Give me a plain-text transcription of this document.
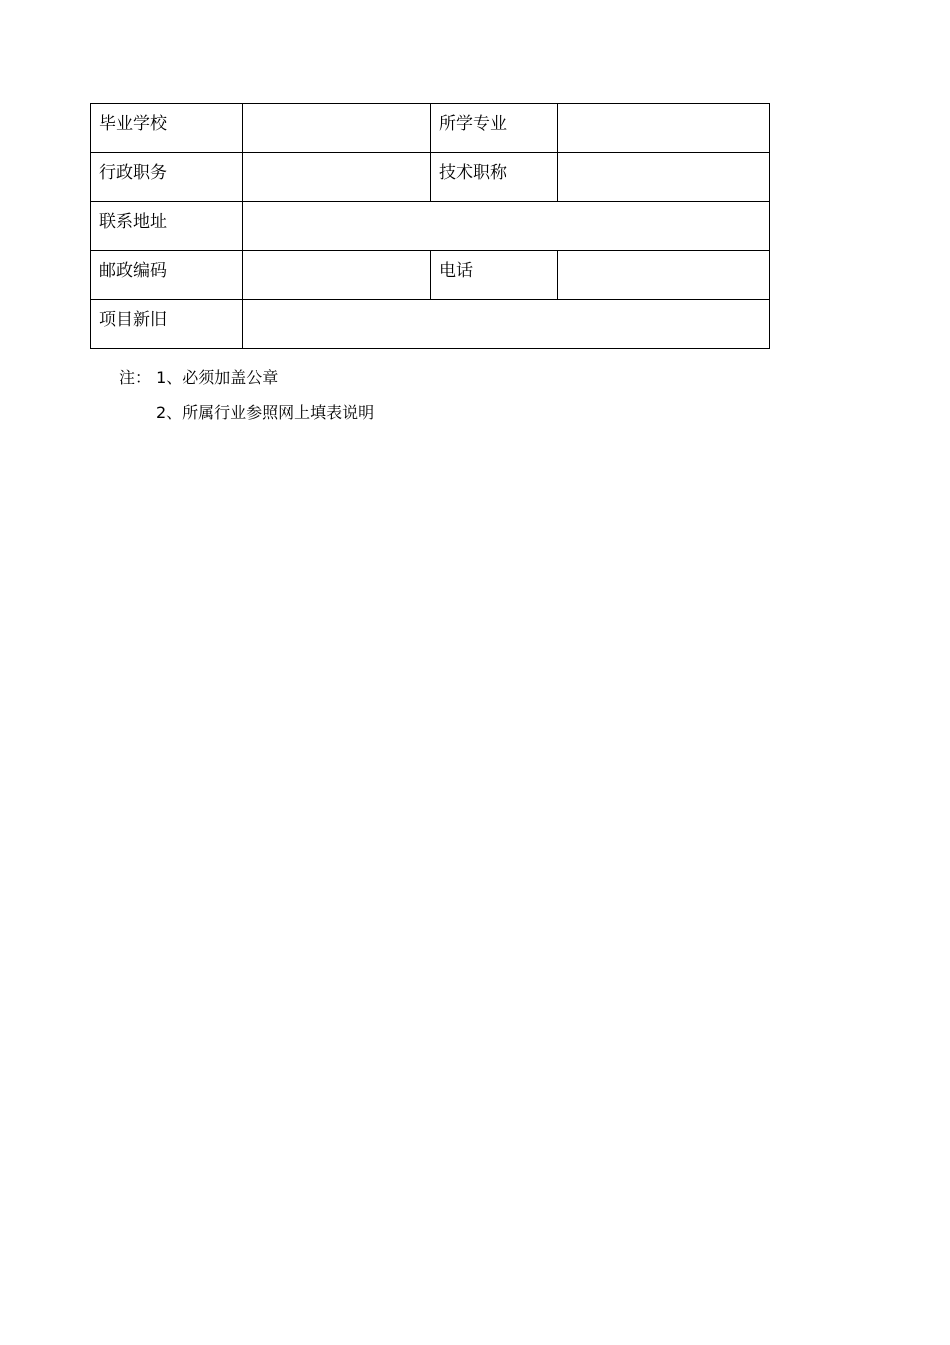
毕业学校		所学专业	
行政职务		技术职称	
联系地址			
邮政编码		电话	
项目新旧			
注： 1、必须加盖公章
2、所属行业参照网上填表说明
